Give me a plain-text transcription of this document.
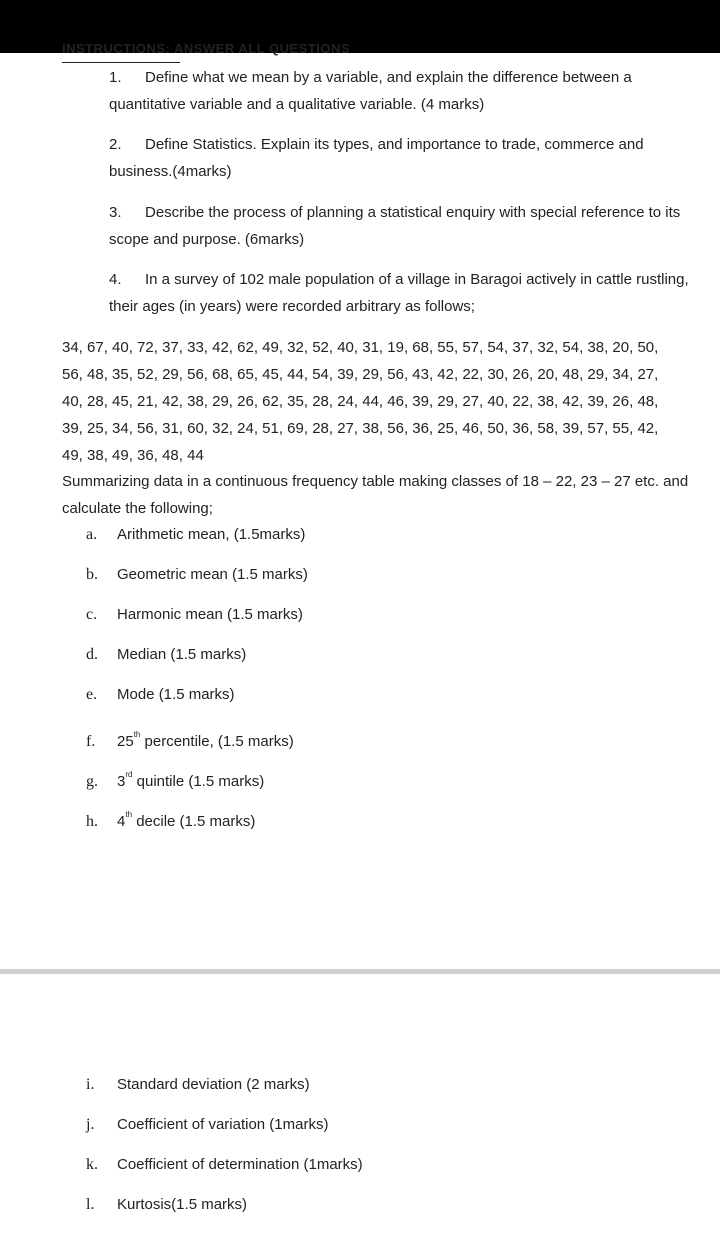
INSTRUCTIONS: ANSWER ALL QUESTIONS
1. Define what we mean by a variable, and explain the difference between a quantitative variable and a qualitative variable. (4 marks)
2. Define Statistics. Explain its types, and importance to trade, commerce and business.(4marks)
3. Describe the process of planning a statistical enquiry with special reference to its scope and purpose. (6marks)
4. In a survey of 102 male population of a village in Baragoi actively in cattle rustling, their ages (in years) were recorded arbitrary as follows;
34, 67, 40, 72, 37, 33, 42, 62, 49, 32, 52, 40, 31, 19, 68, 55, 57, 54, 37, 32, 54, 38, 20, 50,
56, 48, 35, 52, 29, 56, 68, 65, 45, 44, 54, 39, 29, 56, 43, 42, 22, 30, 26, 20, 48, 29, 34, 27,
40, 28, 45, 21, 42, 38, 29, 26, 62, 35, 28, 24, 44, 46, 39, 29, 27, 40, 22, 38, 42, 39, 26, 48,
39, 25, 34, 56, 31, 60, 32, 24, 51, 69, 28, 27, 38, 56, 36, 25, 46, 50, 36, 58, 39, 57, 55, 42,
49, 38, 49, 36, 48, 44
Summarizing data in a continuous frequency table making classes of 18 – 22, 23 – 27 etc. and calculate the following;
a. Arithmetic mean, (1.5marks)
b. Geometric mean (1.5 marks)
c. Harmonic mean (1.5 marks)
d. Median (1.5 marks)
e. Mode (1.5 marks)
f. 25th percentile, (1.5 marks)
g. 3rd quintile (1.5 marks)
h. 4th decile (1.5 marks)
i. Standard deviation (2 marks)
j. Coefficient of variation (1marks)
k. Coefficient of determination (1marks)
l. Kurtosis(1.5 marks)
